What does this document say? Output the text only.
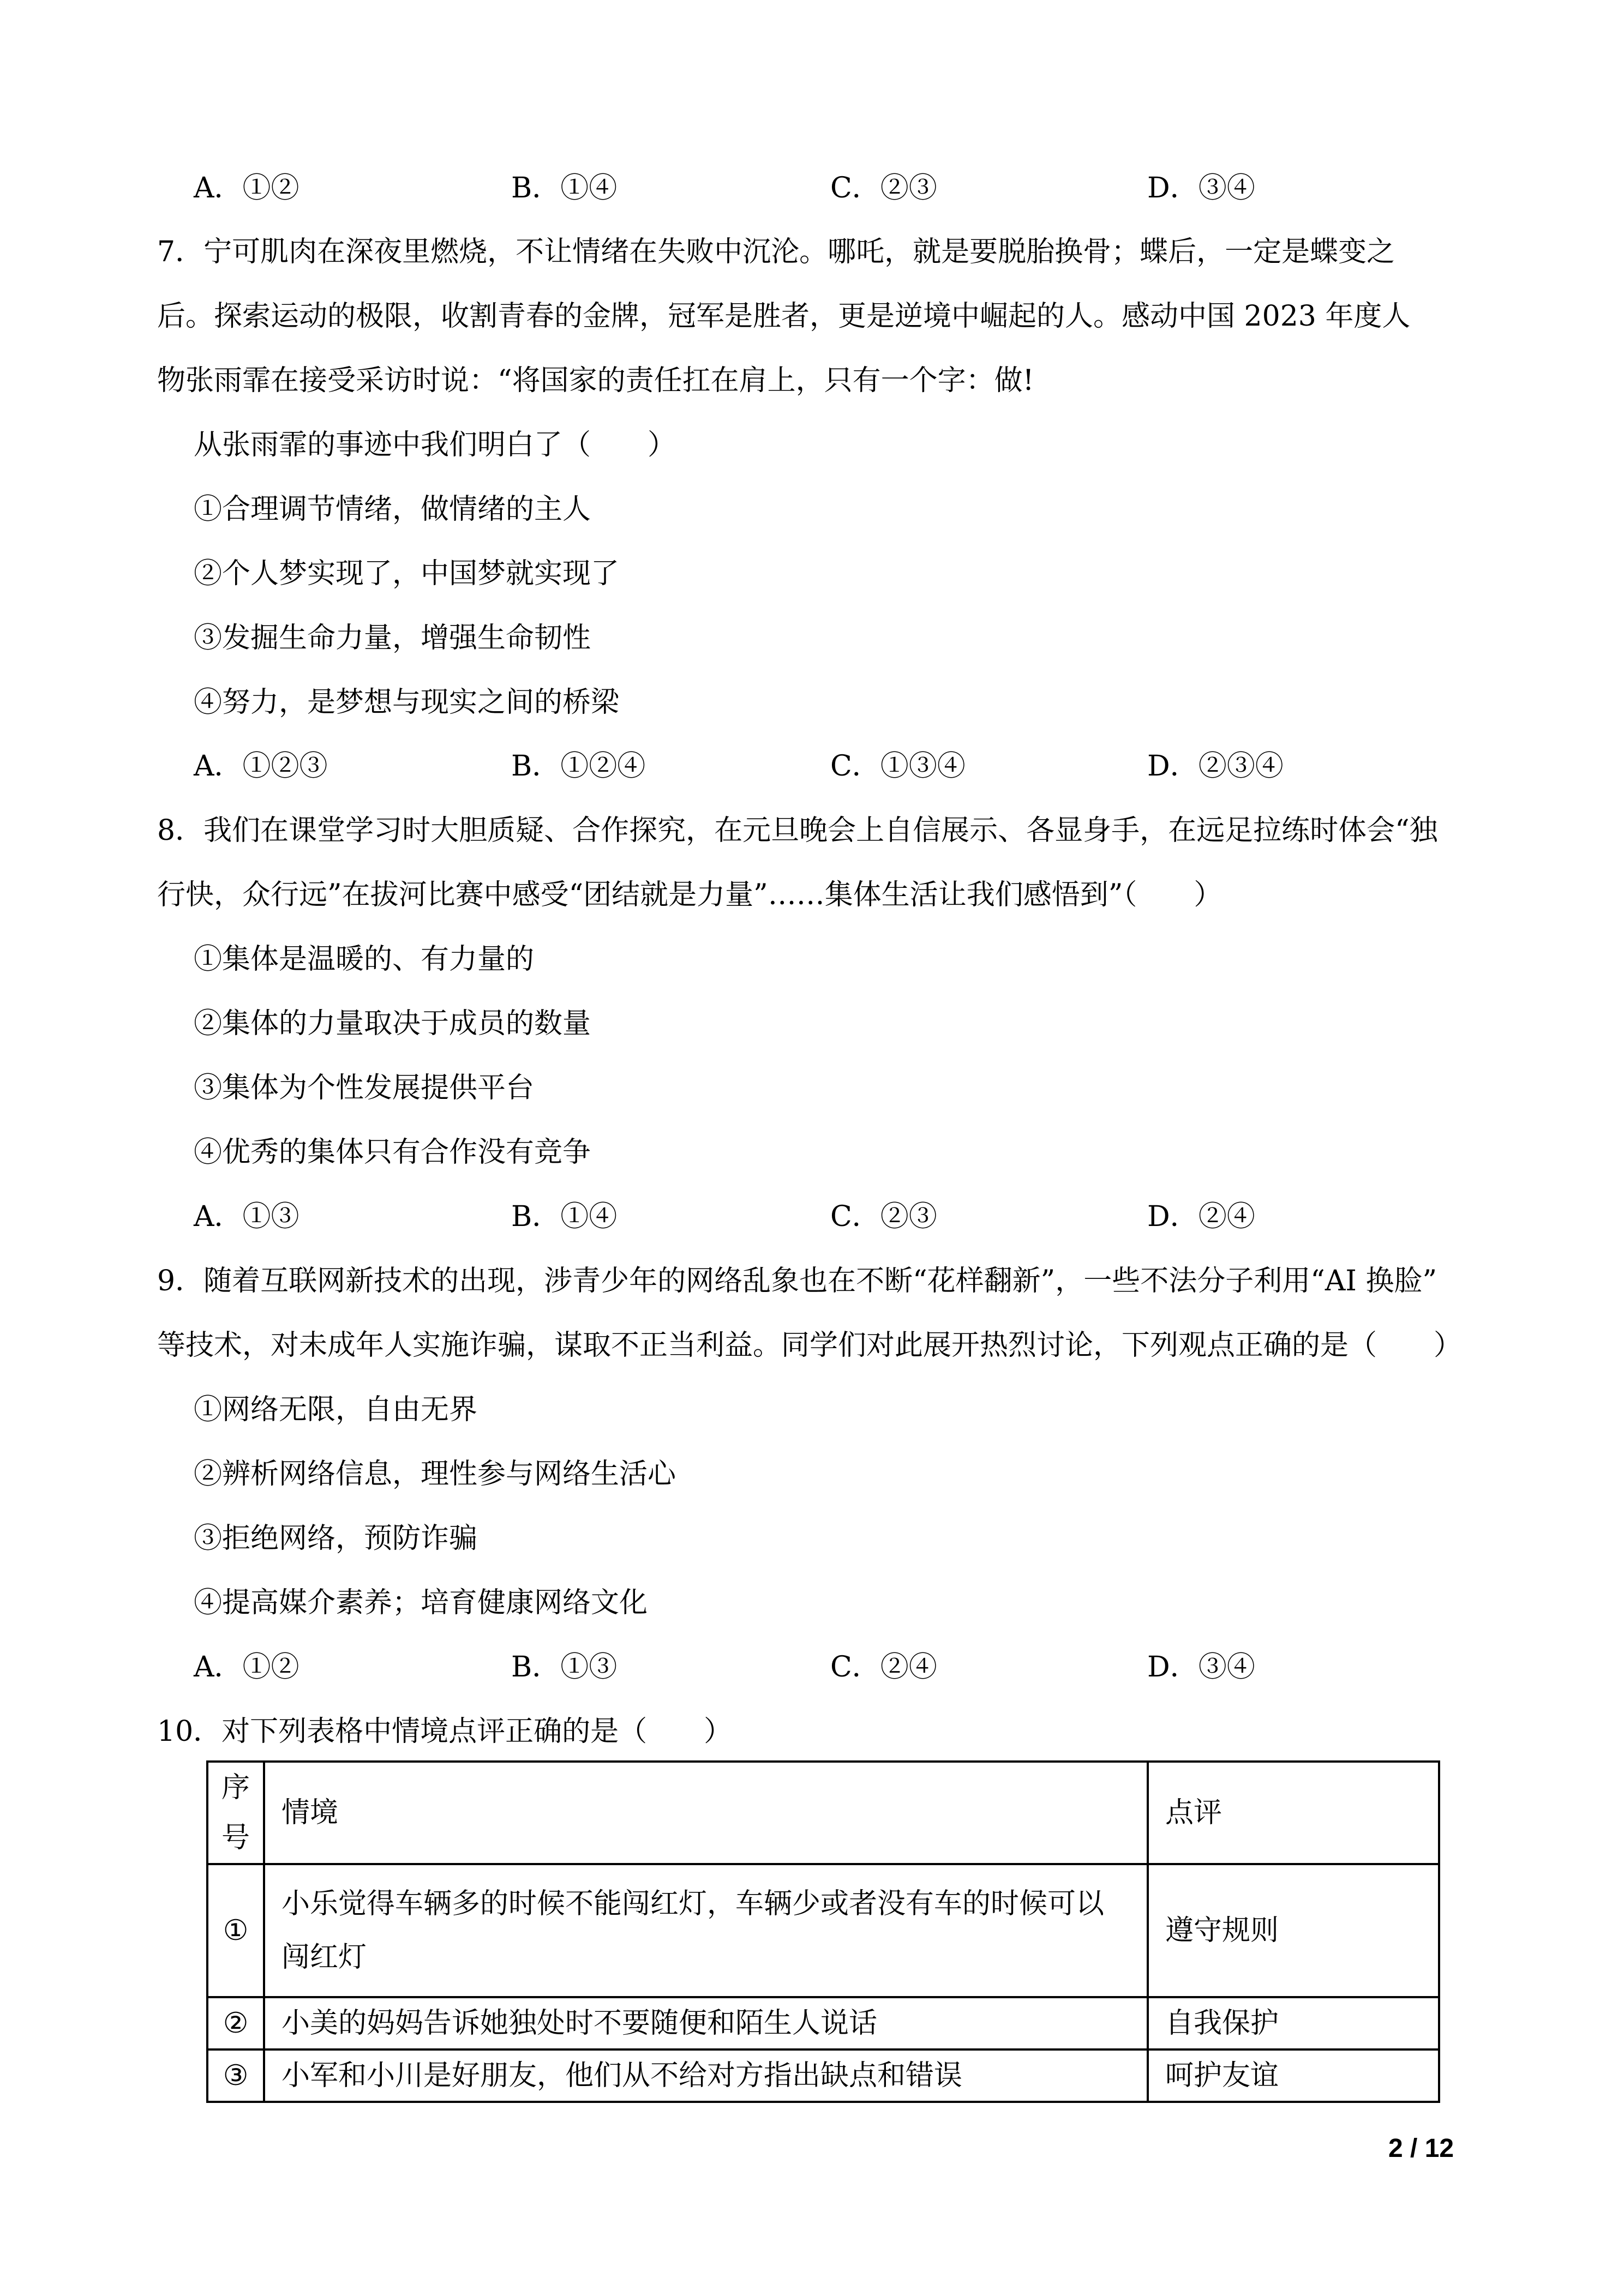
A．①②	B．①④	C．②③	D．③④
7．宁可肌肉在深夜里燃烧，不让情绪在失败中沉沦。哪吒，就是要脱胎换骨；蝶后，一定是蝶变之
后。探索运动的极限，收割青春的金牌，冠军是胜者，更是逆境中崛起的人。感动中国 2023 年度人
物张雨霏在接受采访时说：“将国家的责任扛在肩上，只有一个字：做!
从张雨霏的事迹中我们明白了（　　）
①合理调节情绪，做情绪的主人
②个人梦实现了，中国梦就实现了
③发掘生命力量，增强生命韧性
④努力，是梦想与现实之间的桥梁
A．①②③	B．①②④	C．①③④	D．②③④
8．我们在课堂学习时大胆质疑、合作探究，在元旦晚会上自信展示、各显身手，在远足拉练时体会“独
行快，众行远”在拔河比赛中感受“团结就是力量”……集体生活让我们感悟到”（　　）
①集体是温暖的、有力量的
②集体的力量取决于成员的数量
③集体为个性发展提供平台
④优秀的集体只有合作没有竞争
A．①③	B．①④	C．②③	D．②④
9．随着互联网新技术的出现，涉青少年的网络乱象也在不断“花样翻新”，一些不法分子利用“AI 换脸”
等技术，对未成年人实施诈骗，谋取不正当利益。同学们对此展开热烈讨论，下列观点正确的是（　　）
①网络无限，自由无界
②辨析网络信息，理性参与网络生活心
③拒绝网络，预防诈骗
④提高媒介素养；培育健康网络文化
A．①②	B．①③	C．②④	D．③④
10．对下列表格中情境点评正确的是（　　）
序号	情境	点评
①	小乐觉得车辆多的时候不能闯红灯，车辆少或者没有车的时候可以闯红灯	遵守规则
②	小美的妈妈告诉她独处时不要随便和陌生人说话	自我保护
③	小军和小川是好朋友，他们从不给对方指出缺点和错误	呵护友谊
2 / 12
